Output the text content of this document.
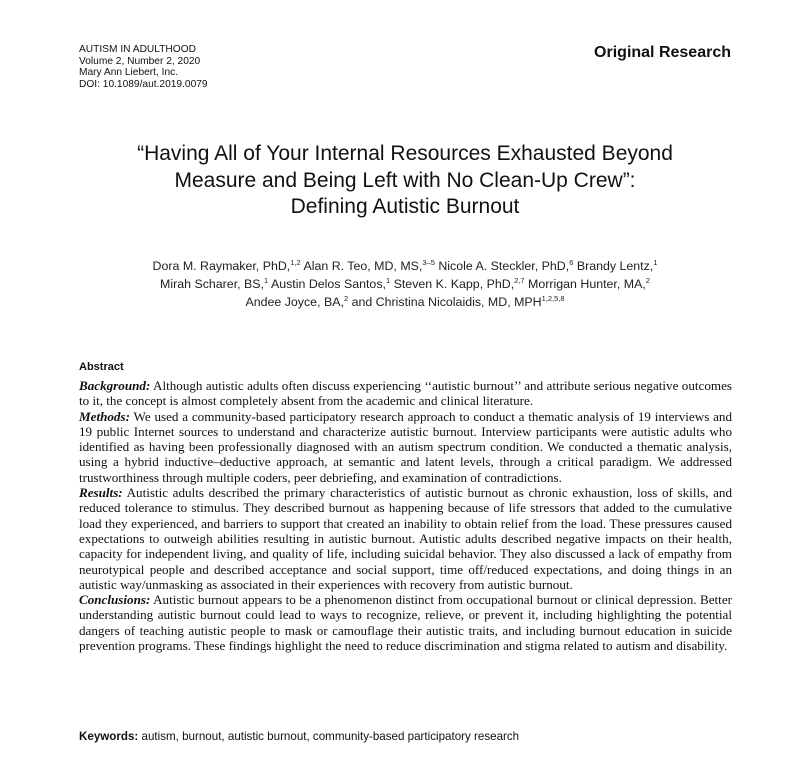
AUTISM IN ADULTHOOD
Volume 2, Number 2, 2020
Mary Ann Liebert, Inc.
DOI: 10.1089/aut.2019.0079
Original Research
“Having All of Your Internal Resources Exhausted Beyond
Measure and Being Left with No Clean-Up Crew”:
Defining Autistic Burnout
Dora M. Raymaker, PhD,$^{1,2}$ Alan R. Teo, MD, MS,$^{3-5}$ Nicole A. Steckler, PhD,$^6$ Brandy Lentz,$^1$
Mirah Scharer, BS,$^1$ Austin Delos Santos,$^1$ Steven K. Kapp, PhD,$^{2,7}$ Morrigan Hunter, MA,$^2$
Andee Joyce, BA,$^2$ and Christina Nicolaidis, MD, MPH$^{1,2,5,8}$
Abstract

Background: Although autistic adults often discuss experiencing ‘‘autistic burnout’’ and attribute serious negative outcomes to it, the concept is almost completely absent from the academic and clinical literature.

Methods: We used a community-based participatory research approach to conduct a thematic analysis of 19 interviews and 19 public Internet sources to understand and characterize autistic burnout. Interview participants were autistic adults who identified as having been professionally diagnosed with an autism spectrum condition. We conducted a thematic analysis, using a hybrid inductive–deductive approach, at semantic and latent levels, through a critical paradigm. We addressed trustworthiness through multiple coders, peer debriefing, and examination of contradictions.

Results: Autistic adults described the primary characteristics of autistic burnout as chronic exhaustion, loss of skills, and reduced tolerance to stimulus. They described burnout as happening because of life stressors that added to the cumulative load they experienced, and barriers to support that created an inability to obtain relief from the load. These pressures caused expectations to outweigh abilities resulting in autistic burnout. Autistic adults described negative impacts on their health, capacity for independent living, and quality of life, including suicidal behavior. They also discussed a lack of empathy from neurotypical people and described acceptance and social support, time off/reduced expectations, and doing things in an autistic way/unmasking as associated in their experiences with recovery from autistic burnout.

Conclusions: Autistic burnout appears to be a phenomenon distinct from occupational burnout or clinical depression. Better understanding autistic burnout could lead to ways to recognize, relieve, or prevent it, including highlighting the potential dangers of teaching autistic people to mask or camouflage their autistic traits, and including burnout education in suicide prevention programs. These findings highlight the need to reduce discrimination and stigma related to autism and disability.

Keywords: autism, burnout, autistic burnout, community-based participatory research
